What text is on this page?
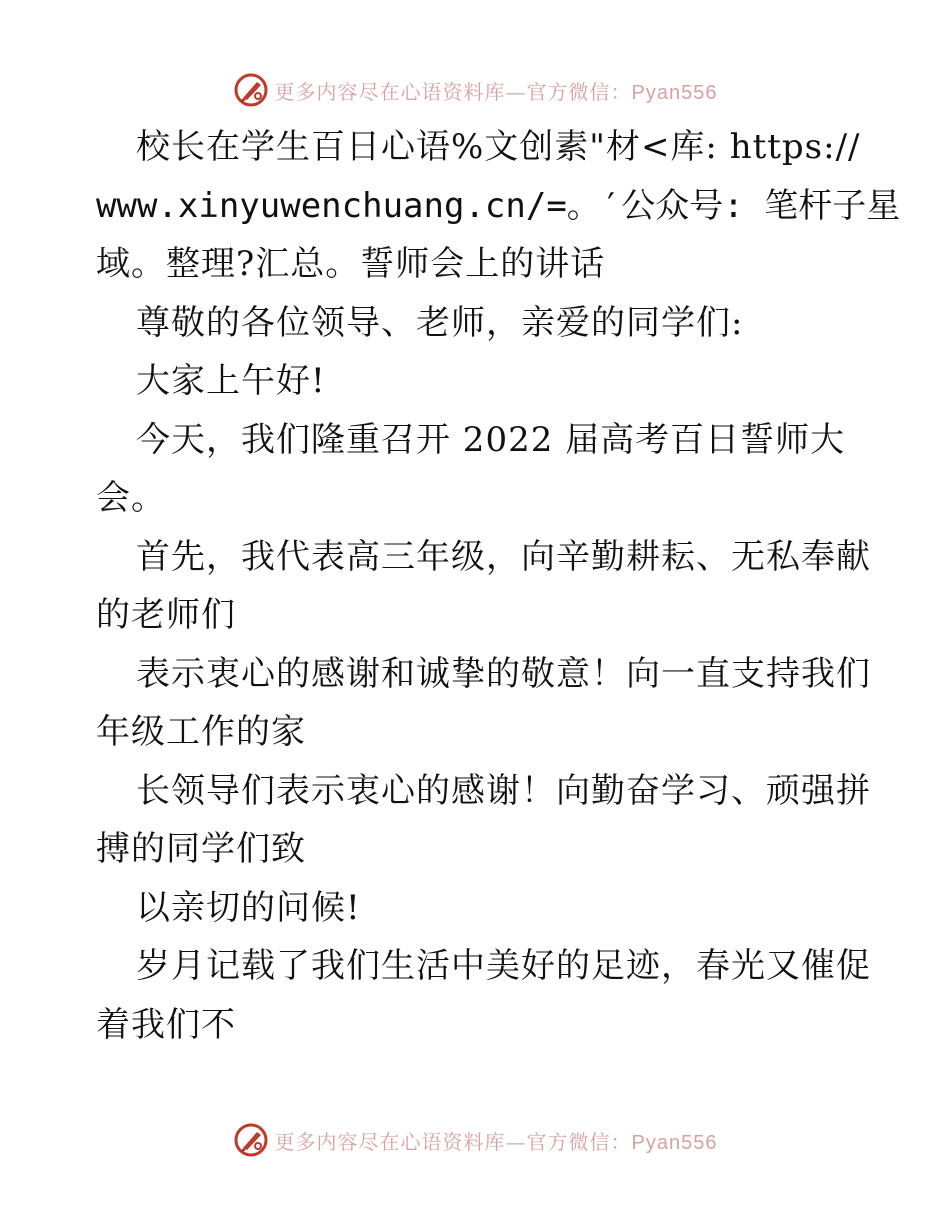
更多内容尽在心语资料库—官方微信：Pyan556
校长在学生百日心语%文创素"材<库: https://
www.xinyuwenchuang.cn/=。′公众号: 笔杆子星
域。整理?汇总。誓师会上的讲话
尊敬的各位领导、老师，亲爱的同学们:
大家上午好!
今天，我们隆重召开 2022 届高考百日誓师大
会。
首先，我代表高三年级，向辛勤耕耘、无私奉献
的老师们
表示衷心的感谢和诚挚的敬意！向一直支持我们
年级工作的家
长领导们表示衷心的感谢！向勤奋学习、顽强拼
搏的同学们致
以亲切的问候!
岁月记载了我们生活中美好的足迹，春光又催促
着我们不
更多内容尽在心语资料库—官方微信：Pyan556
